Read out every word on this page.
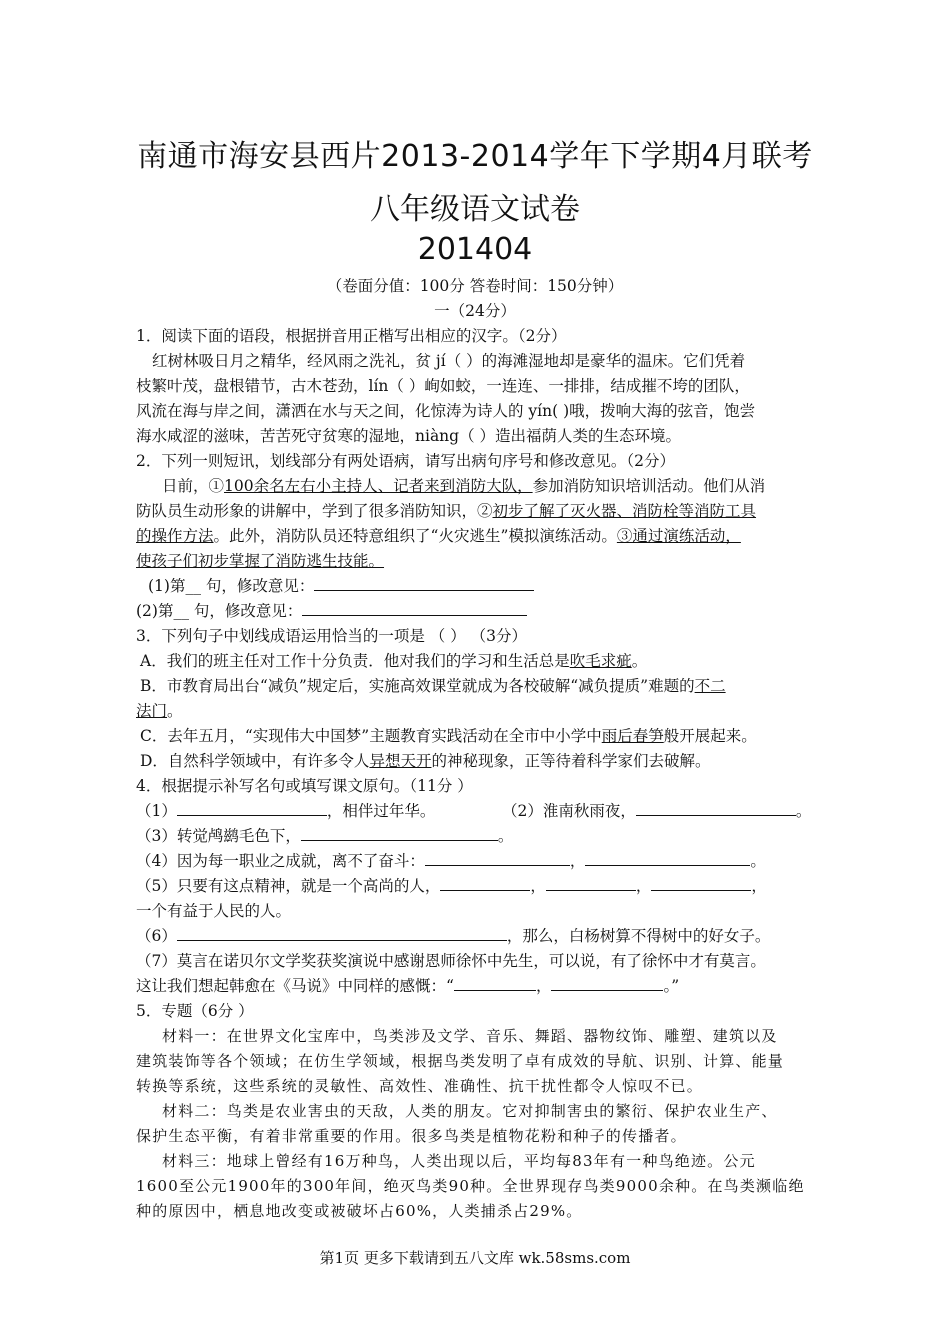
南通市海安县西片2013-2014学年下学期4月联考
八年级语文试卷
201404
（卷面分值：100分 答卷时间：150分钟）
一（24分）
1．阅读下面的语段，根据拼音用正楷写出相应的汉字。（2分）
红树林吸日月之精华，经风雨之洗礼，贫 jí（ ）的海滩湿地却是豪华的温床。它们凭着
枝繁叶茂，盘根错节，古木苍劲，lín（ ）峋如蛟，一连连、一排排，结成摧不垮的团队，
风流在海与岸之间，潇洒在水与天之间，化惊涛为诗人的 yín( )哦，拨响大海的弦音，饱尝
海水咸涩的滋味，苦苦死守贫寒的湿地，niàng（ ）造出福荫人类的生态环境。
2．下列一则短讯，划线部分有两处语病，请写出病句序号和修改意见。（2分）
日前，①100余名左右小主持人、记者来到消防大队，参加消防知识培训活动。他们从消
防队员生动形象的讲解中，学到了很多消防知识，②初步了解了灭火器、消防栓等消防工具
的操作方法。此外，消防队员还特意组织了“火灾逃生”模拟演练活动。③通过演练活动，
使孩子们初步掌握了消防逃生技能。
(1)第__ 句，修改意见：
(2)第__ 句，修改意见：
3．下列句子中划线成语运用恰当的一项是 （ ） （3分）
A．我们的班主任对工作十分负责．他对我们的学习和生活总是吹毛求疵。
B．市教育局出台“减负”规定后，实施高效课堂就成为各校破解“减负提质”难题的不二
法门。
C．去年五月，“实现伟大中国梦”主题教育实践活动在全市中小学中雨后春笋般开展起来。
D．自然科学领域中，有许多令人异想天开的神秘现象，正等待着科学家们去破解。
4．根据提示补写名句或填写课文原句。（11分 ）
（1）	，相伴过年华。	（2）淮南秋雨夜，	。
（3）转觉鸬鹚毛色下，	。
（4）因为每一职业之成就，离不了奋斗：	，	。
（5）只要有这点精神，就是一个高尚的人，	，	，	，
一个有益于人民的人。
（6）	，那么，白杨树算不得树中的好女子。
（7）莫言在诺贝尔文学奖获奖演说中感谢恩师徐怀中先生，可以说，有了徐怀中才有莫言。
这让我们想起韩愈在《马说》中同样的感慨：“	，	。”
5．专题（6分 ）
材料一：在世界文化宝库中，鸟类涉及文学、音乐、舞蹈、器物纹饰、雕塑、建筑以及
建筑装饰等各个领域；在仿生学领域，根据鸟类发明了卓有成效的导航、识别、计算、能量
转换等系统，这些系统的灵敏性、高效性、准确性、抗干扰性都令人惊叹不已。
材料二：鸟类是农业害虫的天敌，人类的朋友。它对抑制害虫的繁衍、保护农业生产、
保护生态平衡，有着非常重要的作用。很多鸟类是植物花粉和种子的传播者。
材料三：地球上曾经有16万种鸟，人类出现以后，平均每83年有一种鸟绝迹。公元
1600至公元1900年的300年间，绝灭鸟类90种。全世界现存鸟类9000余种。在鸟类濒临绝
种的原因中，栖息地改变或被破坏占60%，人类捕杀占29%。
第1页 更多下载请到五八文库 wk.58sms.com
